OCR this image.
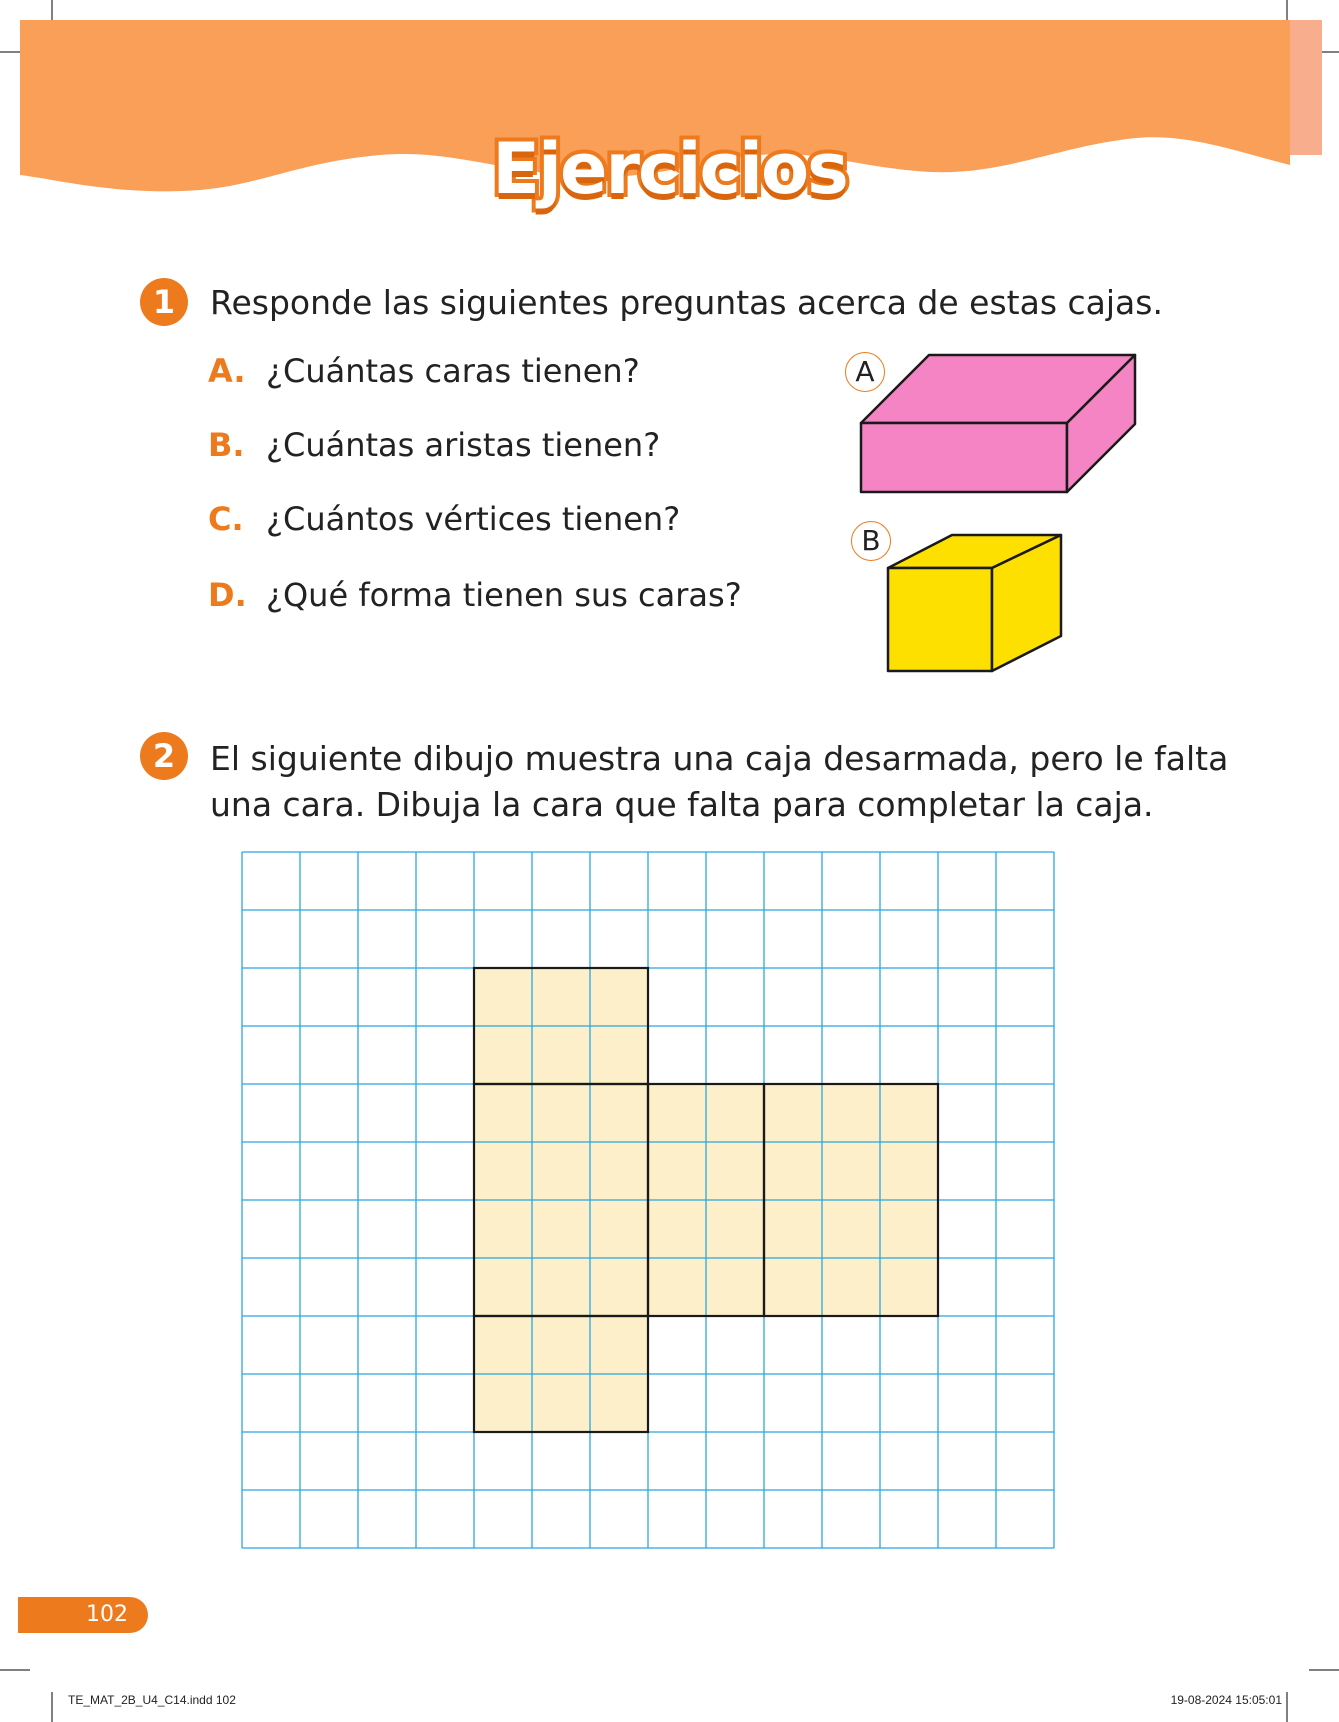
Ejercicios
1	Responde las siguientes preguntas acerca de estas cajas.
A. ¿Cuántas caras tienen?
B. ¿Cuántas aristas tienen?
C. ¿Cuántos vértices tienen?
D. ¿Qué forma tienen sus caras?
A
B
2	El siguiente dibujo muestra una caja desarmada, pero le falta
una cara. Dibuja la cara que falta para completar la caja.
102
TE_MAT_2B_U4_C14.indd 102	19-08-2024 15:05:01
